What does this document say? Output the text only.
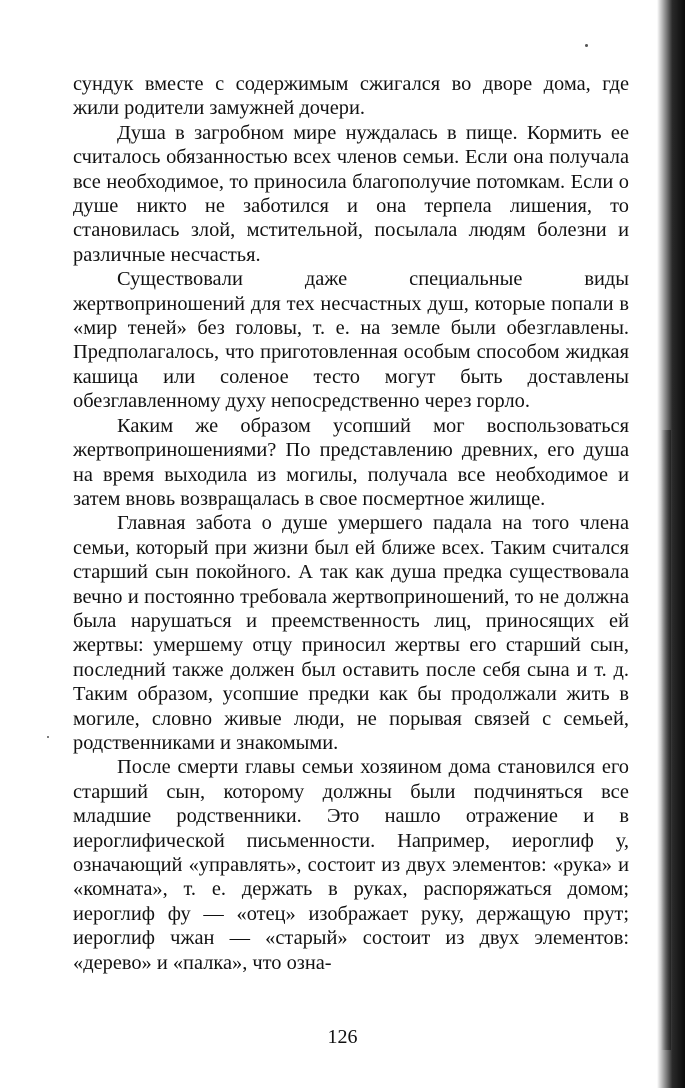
сундук вместе с содержимым сжигался во дворе дома, где жили родители замужней дочери.

Душа в загробном мире нуждалась в пище. Кормить ее считалось обязанностью всех членов семьи. Если она получала все необходимое, то приносила благополучие потомкам. Если о душе никто не заботился и она терпела лишения, то становилась злой, мстительной, посылала людям болезни и различные несчастья.

Существовали даже специальные виды жертвоприношений для тех несчастных душ, которые попали в «мир теней» без головы, т. е. на земле были обезглавлены. Предполагалось, что приготовленная особым способом жидкая кашица или соленое тесто могут быть доставлены обезглавленному духу непосредственно через горло.

Каким же образом усопший мог воспользоваться жертвоприношениями? По представлению древних, его душа на время выходила из могилы, получала все необходимое и затем вновь возвращалась в свое посмертное жилище.

Главная забота о душе умершего падала на того члена семьи, который при жизни был ей ближе всех. Таким считался старший сын покойного. А так как душа предка существовала вечно и постоянно требовала жертвоприношений, то не должна была нарушаться и преемственность лиц, приносящих ей жертвы: умершему отцу приносил жертвы его старший сын, последний также должен был оставить после себя сына и т. д. Таким образом, усопшие предки как бы продолжали жить в могиле, словно живые люди, не порывая связей с семьей, родственниками и знакомыми.

После смерти главы семьи хозяином дома становился его старший сын, которому должны были подчиняться все младшие родственники. Это нашло отражение и в иероглифической письменности. Например, иероглиф у, означающий «управлять», состоит из двух элементов: «рука» и «комната», т. е. держать в руках, распоряжаться домом; иероглиф фу — «отец» изображает руку, держащую прут; иероглиф чжан — «старый» состоит из двух элементов: «дерево» и «палка», что озна-

126
